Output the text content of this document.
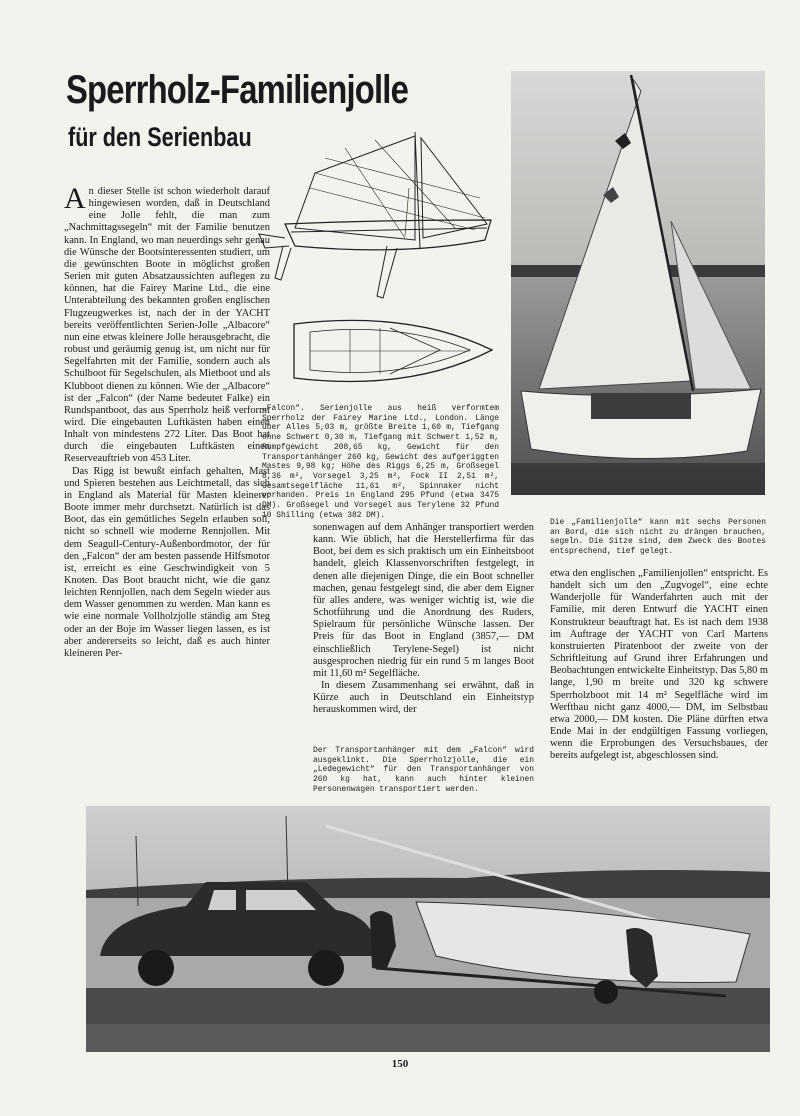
Sperrholz-Familienjolle
für den Serienbau

An dieser Stelle ist schon wiederholt darauf hingewiesen worden, daß in Deutschland eine Jolle fehlt, die man zum „Nachmittagssegeln“ mit der Familie benutzen kann. In England, wo man neuerdings sehr genau die Wünsche der Bootsinteressenten studiert, um die gewünschten Boote in möglichst großen Serien mit guten Absatzaussichten auflegen zu können, hat die Fairey Marine Ltd., die eine Unterabteilung des bekannten großen englischen Flugzeugwerkes ist, nach der in der YACHT bereits veröffentlichten Serien-Jolle „Albacore“ nun eine etwas kleinere Jolle herausgebracht, die robust und geräumig genug ist, um nicht nur für Segelfahrten mit der Familie, sondern auch als Schulboot für Segelschulen, als Mietboot und als Klubboot dienen zu können. Wie der „Albacore“ ist der „Falcon“ (der Name bedeutet Falke) ein Rundspantboot, das aus Sperrholz heiß verformt wird. Die eingebauten Luftkästen haben einen Inhalt von mindestens 272 Liter. Das Boot hat durch die eingebauten Luftkästen einen Reserveauftrieb von 453 Liter.

Das Rigg ist bewußt einfach gehalten, Mast und Spieren bestehen aus Leichtmetall, das sich in England als Material für Masten kleinerer Boote immer mehr durchsetzt. Natürlich ist das Boot, das ein gemütliches Segeln erlauben soll, nicht so schnell wie moderne Rennjollen. Mit dem Seagull-Century-Außenbordmotor, der für den „Falcon“ der am besten passende Hilfsmotor ist, erreicht es eine Geschwindigkeit von 5 Knoten. Das Boot braucht nicht, wie die ganz leichten Rennjollen, nach dem Segeln wieder aus dem Wasser genommen zu werden. Man kann es wie eine normale Vollholzjolle ständig am Steg oder an der Boje im Wasser liegen lassen, es ist aber andererseits so leicht, daß es auch hinter kleineren Per-

„Falcon“. Serienjolle aus heiß verformtem Sperrholz der Fairey Marine Ltd., London. Länge über Alles 5,03 m, größte Breite 1,60 m, Tiefgang ohne Schwert 0,30 m, Tiefgang mit Schwert 1,52 m, Rumpfgewicht 208,65 kg, Gewicht für den Transportanhänger 260 kg, Gewicht des aufgeriggten Mastes 9,98 kg; Höhe des Riggs 6,25 m, Großsegel 8,36 m², Vorsegel 3,25 m², Fock II 2,51 m², Gesamtsegelfläche 11,61 m², Spinnaker nicht vorhanden. Preis in England 295 Pfund (etwa 3475 DM). Großsegel und Vorsegel aus Terylene 32 Pfund 10 Shilling (etwa 382 DM).
Die „Familienjolle“ kann mit sechs Personen an Bord, die sich nicht zu drängen brauchen, segeln. Die Sitze sind, dem Zweck des Bootes entsprechend, tief gelegt.

sonenwagen auf dem Anhänger transportiert werden kann. Wie üblich, hat die Herstellerfirma für das Boot, bei dem es sich praktisch um ein Einheitsboot handelt, gleich Klassenvorschriften festgelegt, in denen alle diejenigen Dinge, die ein Boot schneller machen, genau festgelegt sind, die aber dem Eigner für alles andere, was weniger wichtig ist, wie die Schotführung und die Anordnung des Ruders, Spielraum für persönliche Wünsche lassen. Der Preis für das Boot in England (3857,— DM einschließlich Terylene-Segel) ist nicht ausgesprochen niedrig für ein rund 5 m langes Boot mit 11,60 m² Segelfläche.

In diesem Zusammenhang sei erwähnt, daß in Kürze auch in Deutschland ein Einheitstyp herauskommen wird, der

Der Transportanhänger mit dem „Falcon“ wird ausgeklinkt. Die Sperrholzjolle, die ein „Ledegewicht“ für den Transportanhänger von 260 kg hat, kann auch hinter kleinen Personenwagen transportiert werden.

etwa den englischen „Familienjollen“ entspricht. Es handelt sich um den „Zugvogel“, eine echte Wanderjolle für Wanderfahrten auch mit der Familie, mit deren Entwurf die YACHT einen Konstrukteur beauftragt hat. Es ist nach dem 1938 im Auftrage der YACHT von Carl Martens konstruierten Piratenboot der zweite von der Schriftleitung auf Grund ihrer Erfahrungen und Beobachtungen entwickelte Einheitstyp. Das 5,80 m lange, 1,90 m breite und 320 kg schwere Sperrholzboot mit 14 m² Segelfläche wird im Werftbau nicht ganz 4000,— DM, im Selbstbau etwa 2000,— DM kosten. Die Pläne dürften etwa Ende Mai in der endgültigen Fassung vorliegen, wenn die Erprobungen des Versuchsbaues, der bereits aufgelegt ist, abgeschlossen sind.

150
